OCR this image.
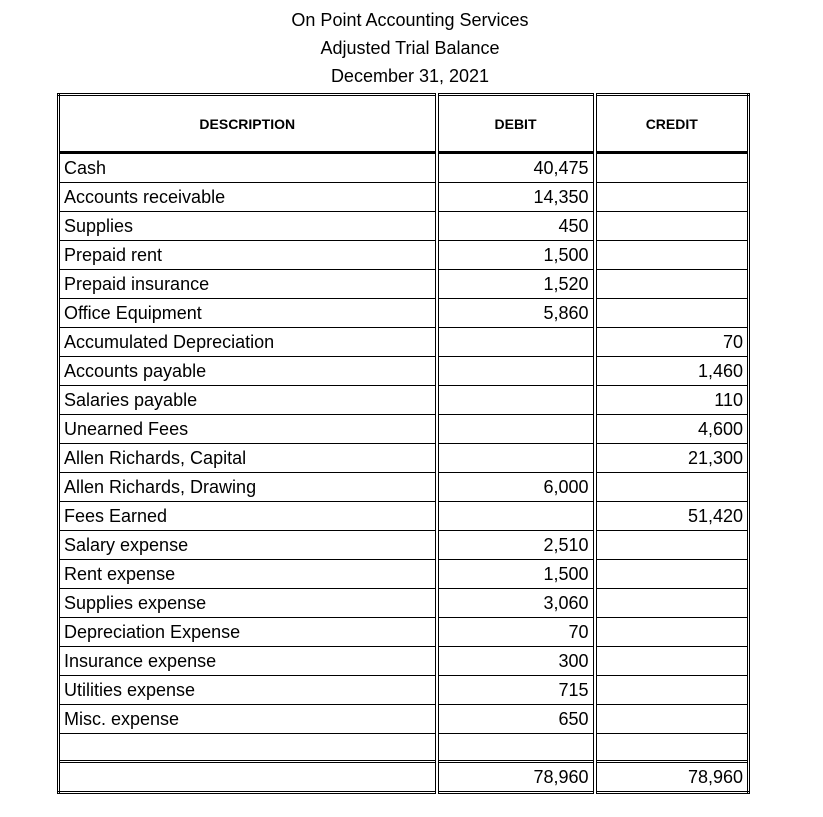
On Point Accounting Services
Adjusted Trial Balance
December 31, 2021
DESCRIPTION	DEBIT	CREDIT
Cash	40,475	
Accounts receivable	14,350	
Supplies	450	
Prepaid rent	1,500	
Prepaid insurance	1,520	
Office Equipment	5,860	
Accumulated Depreciation		70
Accounts payable		1,460
Salaries payable		110
Unearned Fees		4,600
Allen Richards, Capital		21,300
Allen Richards, Drawing	6,000	
Fees Earned		51,420
Salary expense	2,510	
Rent expense	1,500	
Supplies expense	3,060	
Depreciation Expense	70	
Insurance expense	300	
Utilities expense	715	
Misc. expense	650	

	78,960	78,960
